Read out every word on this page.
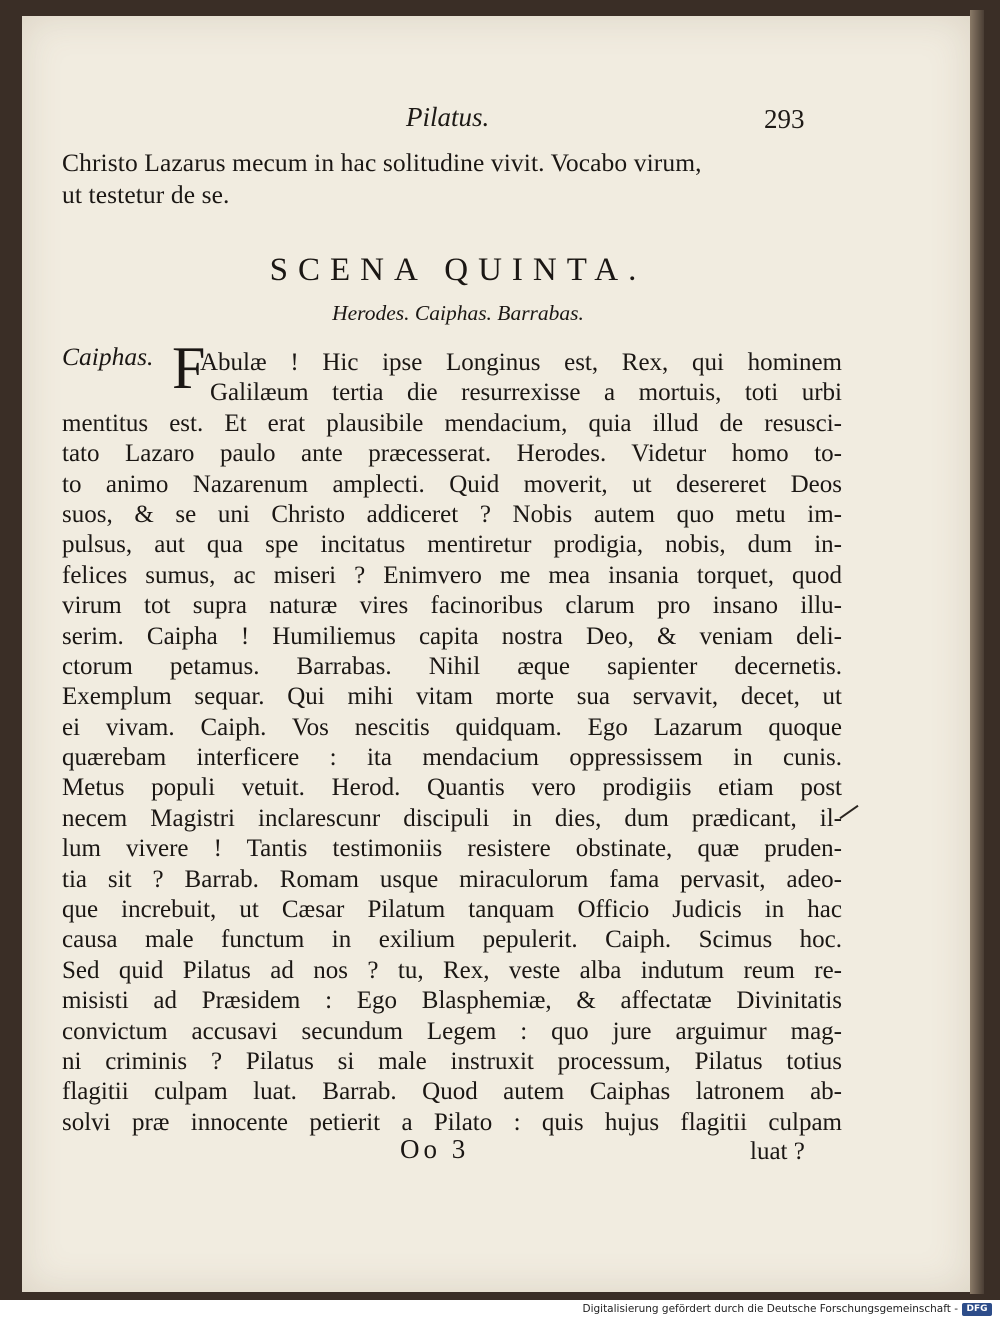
Pilatus.	293
Christo Lazarus mecum in hac solitudine vivit. Vocabo virum,
ut testetur de se.
SCENA QUINTA.
Herodes. Caiphas. Barrabas.
Caiphas. F
Abulæ ! Hic ipse Longinus est, Rex, qui hominem
Galilæum tertia die resurrexisse a mortuis, toti urbi
mentitus est. Et erat plausibile mendacium, quia illud de resusci-
tato Lazaro paulo ante præcesserat. Herodes. Videtur homo to-
to animo Nazarenum amplecti. Quid moverit, ut desereret Deos
suos, & se uni Christo addiceret ? Nobis autem quo metu im-
pulsus, aut qua spe incitatus mentiretur prodigia, nobis, dum in-
felices sumus, ac miseri ? Enimvero me mea insania torquet, quod
virum tot supra naturæ vires facinoribus clarum pro insano illu-
serim. Caipha ! Humiliemus capita nostra Deo, & veniam deli-
ctorum petamus. Barrabas. Nihil æque sapienter decernetis.
Exemplum sequar. Qui mihi vitam morte sua servavit, decet, ut
ei vivam. Caiph. Vos nescitis quidquam. Ego Lazarum quoque
quærebam interficere : ita mendacium oppressissem in cunis.
Metus populi vetuit. Herod. Quantis vero prodigiis etiam post
necem Magistri inclarescunr discipuli in dies, dum prædicant, il-
lum vivere ! Tantis testimoniis resistere obstinate, quæ pruden-
tia sit ? Barrab. Romam usque miraculorum fama pervasit, adeo-
que increbuit, ut Cæsar Pilatum tanquam Officio Judicis in hac
causa male functum in exilium pepulerit. Caiph. Scimus hoc.
Sed quid Pilatus ad nos ? tu, Rex, veste alba indutum reum re-
misisti ad Præsidem : Ego Blasphemiæ, & affectatæ Divinitatis
convictum accusavi secundum Legem : quo jure arguimur mag-
ni criminis ? Pilatus si male instruxit processum, Pilatus totius
flagitii culpam luat. Barrab. Quod autem Caiphas latronem ab-
solvi præ innocente petierit a Pilato : quis hujus flagitii culpam
Oo 3	luat ?
Digitalisierung gefördert durch die Deutsche Forschungsgemeinschaft - DFG
